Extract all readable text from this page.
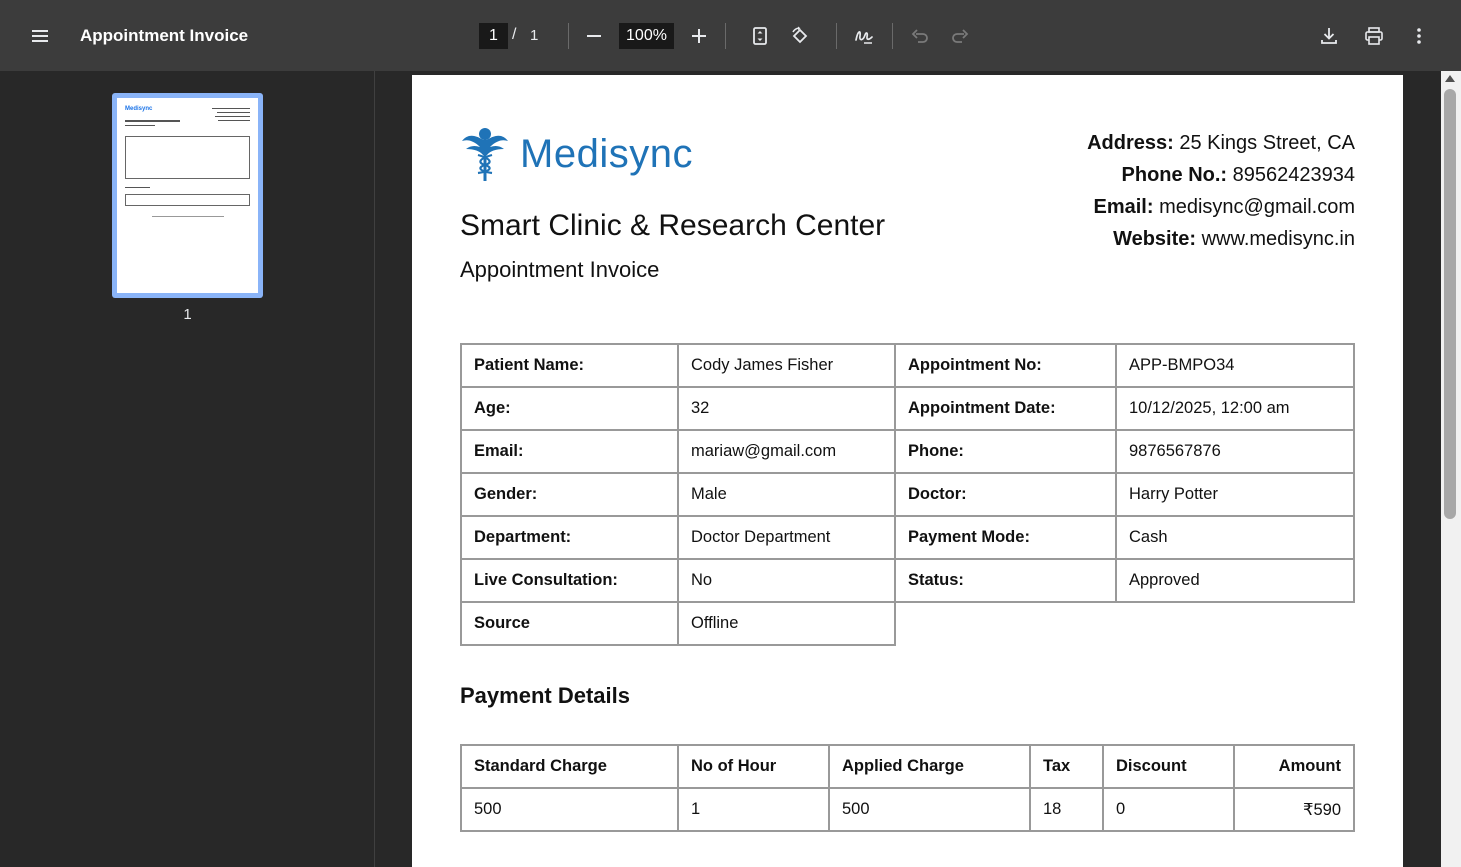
Appointment Invoice	1 / 1	100%
Medisync
1
Medisync
Smart Clinic & Research Center
Appointment Invoice
Address: 25 Kings Street, CA
Phone No.: 89562423934
Email: medisync@gmail.com
Website: www.medisync.in
Patient Name:	Cody James Fisher	Appointment No:	APP-BMPO34
Age:	32	Appointment Date:	10/12/2025, 12:00 am
Email:	mariaw@gmail.com	Phone:	9876567876
Gender:	Male	Doctor:	Harry Potter
Department:	Doctor Department	Payment Mode:	Cash
Live Consultation:	No	Status:	Approved
Source	Offline		
Payment Details
Standard Charge	No of Hour	Applied Charge	Tax	Discount	Amount
500	1	500	18	0	₹590
